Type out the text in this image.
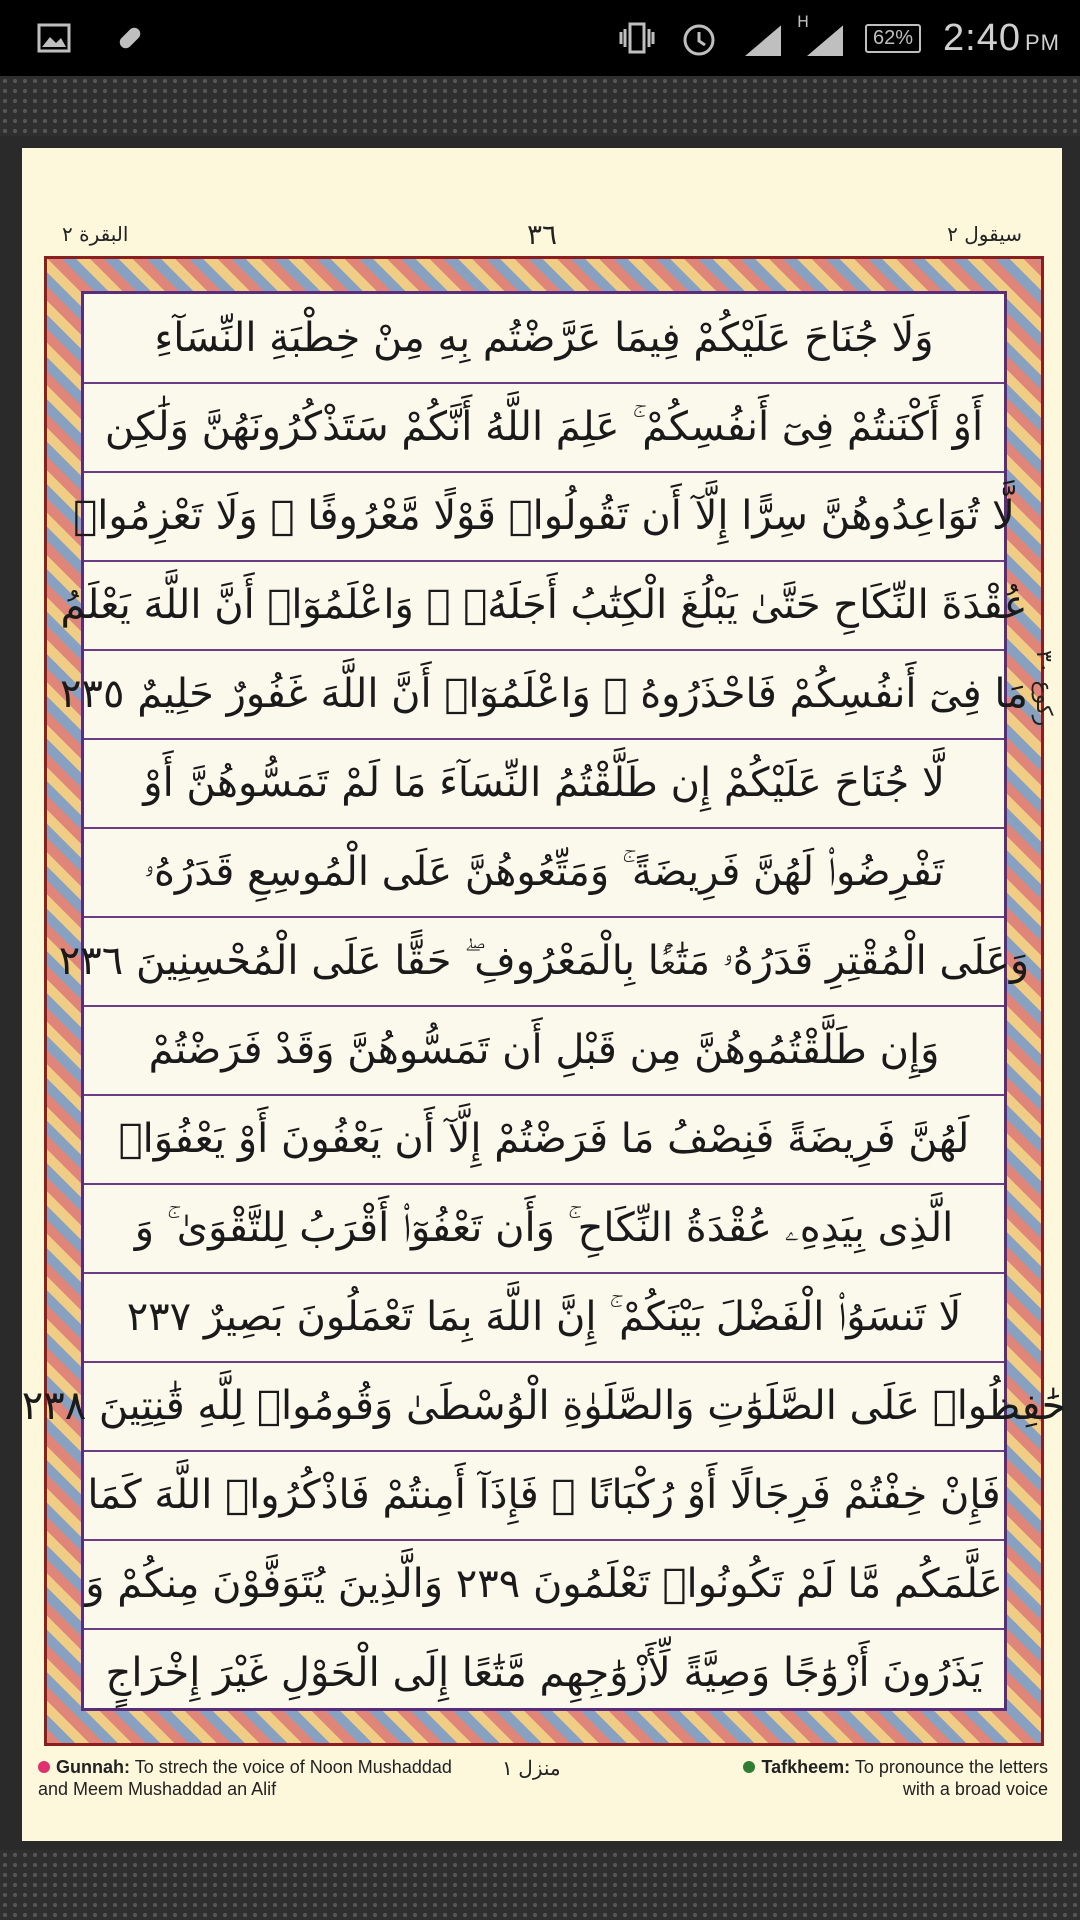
H
62% 2:40 PM
البقرة ٢	٣٦	سيقول ٢
وَلَا جُنَاحَ عَلَيْكُمْ فِيمَا عَرَّضْتُم بِهِ مِنْ خِطْبَةِ النِّسَآءِ
أَوْ أَكْنَنتُمْ فِىٓ أَنفُسِكُمْ ۚ عَلِمَ اللَّهُ أَنَّكُمْ سَتَذْكُرُونَهُنَّ وَلَٰكِن
لَّا تُوَاعِدُوهُنَّ سِرًّا إِلَّآ أَن تَقُولُوا۟ قَوْلًا مَّعْرُوفًا ۚ وَلَا تَعْزِمُوا۟
عُقْدَةَ النِّكَاحِ حَتَّىٰ يَبْلُغَ الْكِتَٰبُ أَجَلَهُۥ ۚ وَاعْلَمُوٓا۟ أَنَّ اللَّهَ يَعْلَمُ
مَا فِىٓ أَنفُسِكُمْ فَاحْذَرُوهُ ۚ وَاعْلَمُوٓا۟ أَنَّ اللَّهَ غَفُورٌ حَلِيمٌ ٢٣٥
لَّا جُنَاحَ عَلَيْكُمْ إِن طَلَّقْتُمُ النِّسَآءَ مَا لَمْ تَمَسُّوهُنَّ أَوْ
تَفْرِضُوا۟ لَهُنَّ فَرِيضَةً ۚ وَمَتِّعُوهُنَّ عَلَى الْمُوسِعِ قَدَرُهُۥ
وَعَلَى الْمُقْتِرِ قَدَرُهُۥ مَتَٰعًۢا بِالْمَعْرُوفِ ۖ حَقًّا عَلَى الْمُحْسِنِينَ ٢٣٦
وَإِن طَلَّقْتُمُوهُنَّ مِن قَبْلِ أَن تَمَسُّوهُنَّ وَقَدْ فَرَضْتُمْ
لَهُنَّ فَرِيضَةً فَنِصْفُ مَا فَرَضْتُمْ إِلَّآ أَن يَعْفُونَ أَوْ يَعْفُوَا۟
الَّذِى بِيَدِهِۦ عُقْدَةُ النِّكَاحِ ۚ وَأَن تَعْفُوٓا۟ أَقْرَبُ لِلتَّقْوَىٰ ۚ وَ
لَا تَنسَوُا۟ الْفَضْلَ بَيْنَكُمْ ۚ إِنَّ اللَّهَ بِمَا تَعْمَلُونَ بَصِيرٌ ٢٣٧
حَٰفِظُوا۟ عَلَى الصَّلَوَٰتِ وَالصَّلَوٰةِ الْوُسْطَىٰ وَقُومُوا۟ لِلَّهِ قَٰنِتِينَ ٢٣٨
فَإِنْ خِفْتُمْ فَرِجَالًا أَوْ رُكْبَانًا ۖ فَإِذَآ أَمِنتُمْ فَاذْكُرُوا۟ اللَّهَ كَمَا
عَلَّمَكُم مَّا لَمْ تَكُونُوا۟ تَعْلَمُونَ ٢٣٩ وَالَّذِينَ يُتَوَفَّوْنَ مِنكُمْ وَ
يَذَرُونَ أَزْوَٰجًا وَصِيَّةً لِّأَزْوَٰجِهِم مَّتَٰعًا إِلَى الْحَوْلِ غَيْرَ إِخْرَاجٍ
ركوع ٣٠
Gunnah: To strech the voice of Noon Mushaddad and Meem Mushaddad an Alif
منزل ١	Tafkheem: To pronounce the letters with a broad voice
